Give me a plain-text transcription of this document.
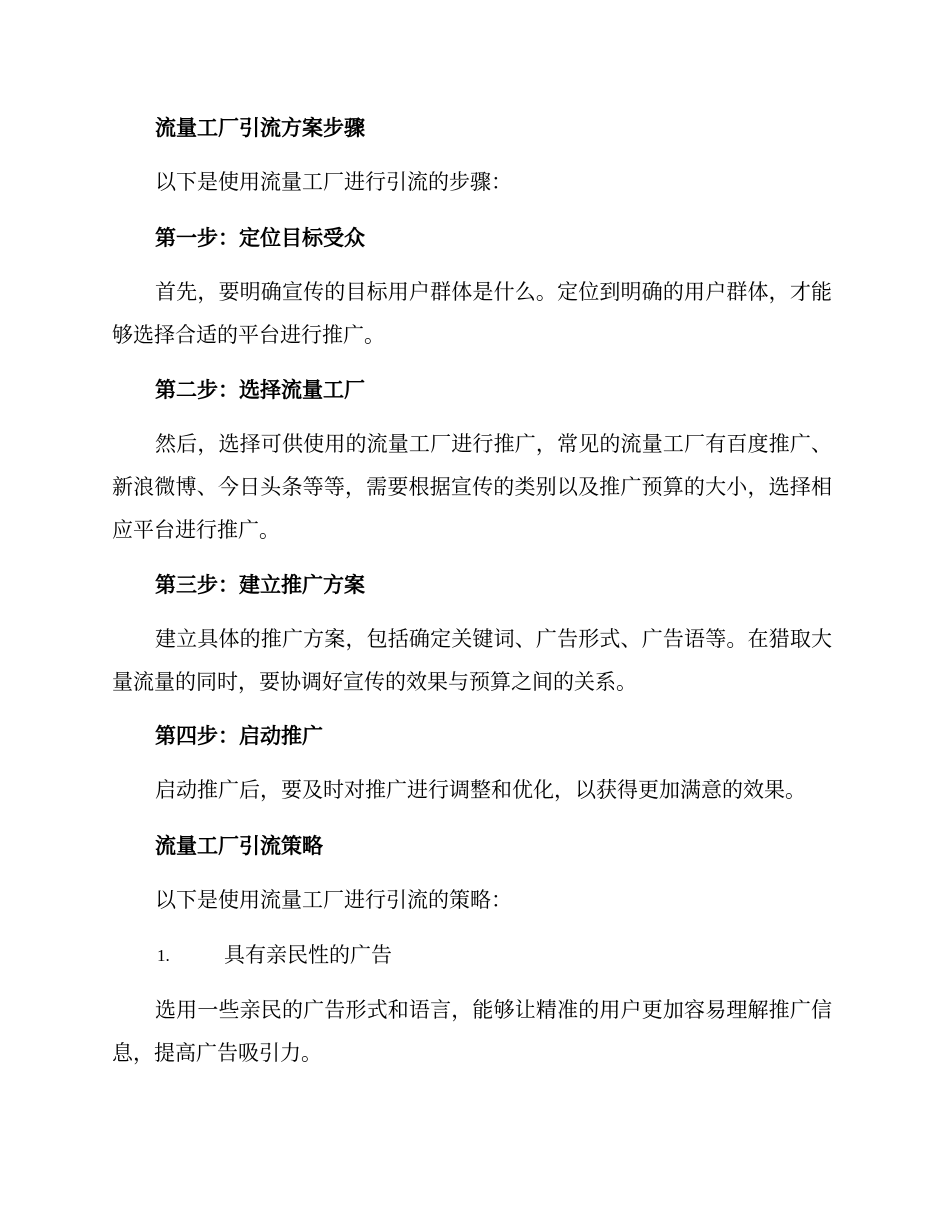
流量工厂引流方案步骤
以下是使用流量工厂进行引流的步骤：
第一步：定位目标受众
首先，要明确宣传的目标用户群体是什么。定位到明确的用户群体，才能够选择合适的平台进行推广。
第二步：选择流量工厂
然后，选择可供使用的流量工厂进行推广，常见的流量工厂有百度推广、新浪微博、今日头条等等，需要根据宣传的类别以及推广预算的大小，选择相应平台进行推广。
第三步：建立推广方案
建立具体的推广方案，包括确定关键词、广告形式、广告语等。在猎取大量流量的同时，要协调好宣传的效果与预算之间的关系。
第四步：启动推广
启动推广后，要及时对推广进行调整和优化，以获得更加满意的效果。
流量工厂引流策略
以下是使用流量工厂进行引流的策略：
1.	具有亲民性的广告
选用一些亲民的广告形式和语言，能够让精准的用户更加容易理解推广信息，提高广告吸引力。
